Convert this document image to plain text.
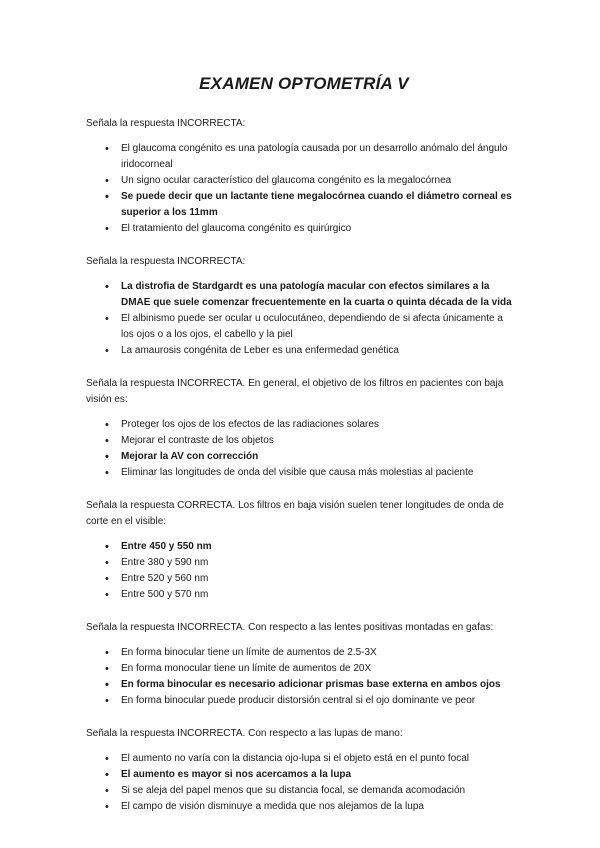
EXAMEN OPTOMETRÍA V

Señala la respuesta INCORRECTA:

• El glaucoma congénito es una patología causada por un desarrollo anómalo del ángulo iridocorneal
• Un signo ocular característico del glaucoma congénito es la megalocórnea
• Se puede decir que un lactante tiene megalocórnea cuando el diámetro corneal es superior a los 11mm
• El tratamiento del glaucoma congénito es quirúrgico

Señala la respuesta INCORRECTA:

• La distrofia de Stardgardt es una patología macular con efectos similares a la DMAE que suele comenzar frecuentemente en la cuarta o quinta década de la vida
• El albinismo puede ser ocular u oculocutáneo, dependiendo de si afecta únicamente a los ojos o a los ojos, el cabello y la piel
• La amaurosis congénita de Leber es una enfermedad genética

Señala la respuesta INCORRECTA. En general, el objetivo de los filtros en pacientes con baja visión es:

• Proteger los ojos de los efectos de las radiaciones solares
• Mejorar el contraste de los objetos
• Mejorar la AV con corrección
• Eliminar las longitudes de onda del visible que causa más molestias al paciente

Señala la respuesta CORRECTA. Los filtros en baja visión suelen tener longitudes de onda de corte en el visible:

• Entre 450 y 550 nm
• Entre 380 y 590 nm
• Entre 520 y 560 nm
• Entre 500 y 570 nm

Señala la respuesta INCORRECTA. Con respecto a las lentes positivas montadas en gafas:

• En forma binocular tiene un límite de aumentos de 2.5-3X
• En forma monocular tiene un límite de aumentos de 20X
• En forma binocular es necesario adicionar prismas base externa en ambos ojos
• En forma binocular puede producir distorsión central si el ojo dominante ve peor

Señala la respuesta INCORRECTA. Con respecto a las lupas de mano:

• El aumento no varía con la distancia ojo-lupa si el objeto está en el punto focal
• El aumento es mayor si nos acercamos a la lupa
• Si se aleja del papel menos que su distancia focal, se demanda acomodación
• El campo de visión disminuye a medida que nos alejamos de la lupa
